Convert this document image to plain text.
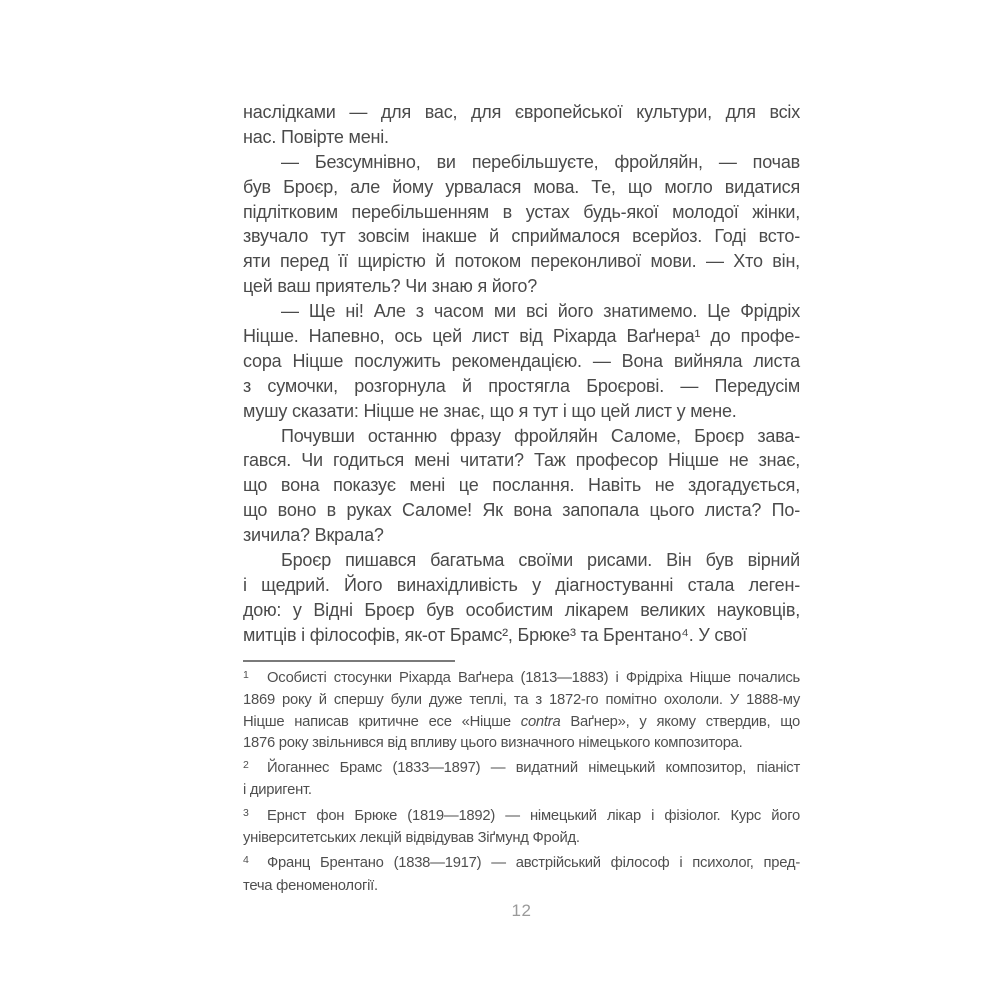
наслідками — для вас, для європейської культури, для всіх
нас. Повірте мені.
— Безсумнівно, ви перебільшуєте, фройляйн, — почав
був Броєр, але йому урвалася мова. Те, що могло видатися
підлітковим перебільшенням в устах будь-якої молодої жінки,
звучало тут зовсім інакше й сприймалося всерйоз. Годі всто-
яти перед її щирістю й потоком переконливої мови. — Хто він,
цей ваш приятель? Чи знаю я його?
— Ще ні! Але з часом ми всі його знатимемо. Це Фрідріх
Ніцше. Напевно, ось цей лист від Ріхарда Ваґнера¹ до профе-
сора Ніцше послужить рекомендацією. — Вона вийняла листа
з сумочки, розгорнула й простягла Броєрові. — Передусім
мушу сказати: Ніцше не знає, що я тут і що цей лист у мене.
Почувши останню фразу фройляйн Саломе, Броєр зава-
гався. Чи годиться мені читати? Таж професор Ніцше не знає,
що вона показує мені це послання. Навіть не здогадується,
що воно в руках Саломе! Як вона запопала цього листа? По-
зичила? Вкрала?
Броєр пишався багатьма своїми рисами. Він був вірний
і щедрий. Його винахідливість у діагностуванні стала леген-
дою: у Відні Броєр був особистим лікарем великих науковців,
митців і філософів, як-от Брамс², Брюке³ та Брентано⁴. У свої
1 Особисті стосунки Ріхарда Ваґнера (1813—1883) і Фрідріха Ніцше почались
1869 року й спершу були дуже теплі, та з 1872-го помітно охололи. У 1888-му
Ніцше написав критичне есе «Ніцше contra Ваґнер», у якому ствердив, що
1876 року звільнився від впливу цього визначного німецького композитора.
2 Йоганнес Брамс (1833—1897) — видатний німецький композитор, піаніст
і диригент.
3 Ернст фон Брюке (1819—1892) — німецький лікар і фізіолог. Курс його
університетських лекцій відвідував Зіґмунд Фройд.
4 Франц Брентано (1838—1917) — австрійський філософ і психолог, пред-
теча феноменології.
12
